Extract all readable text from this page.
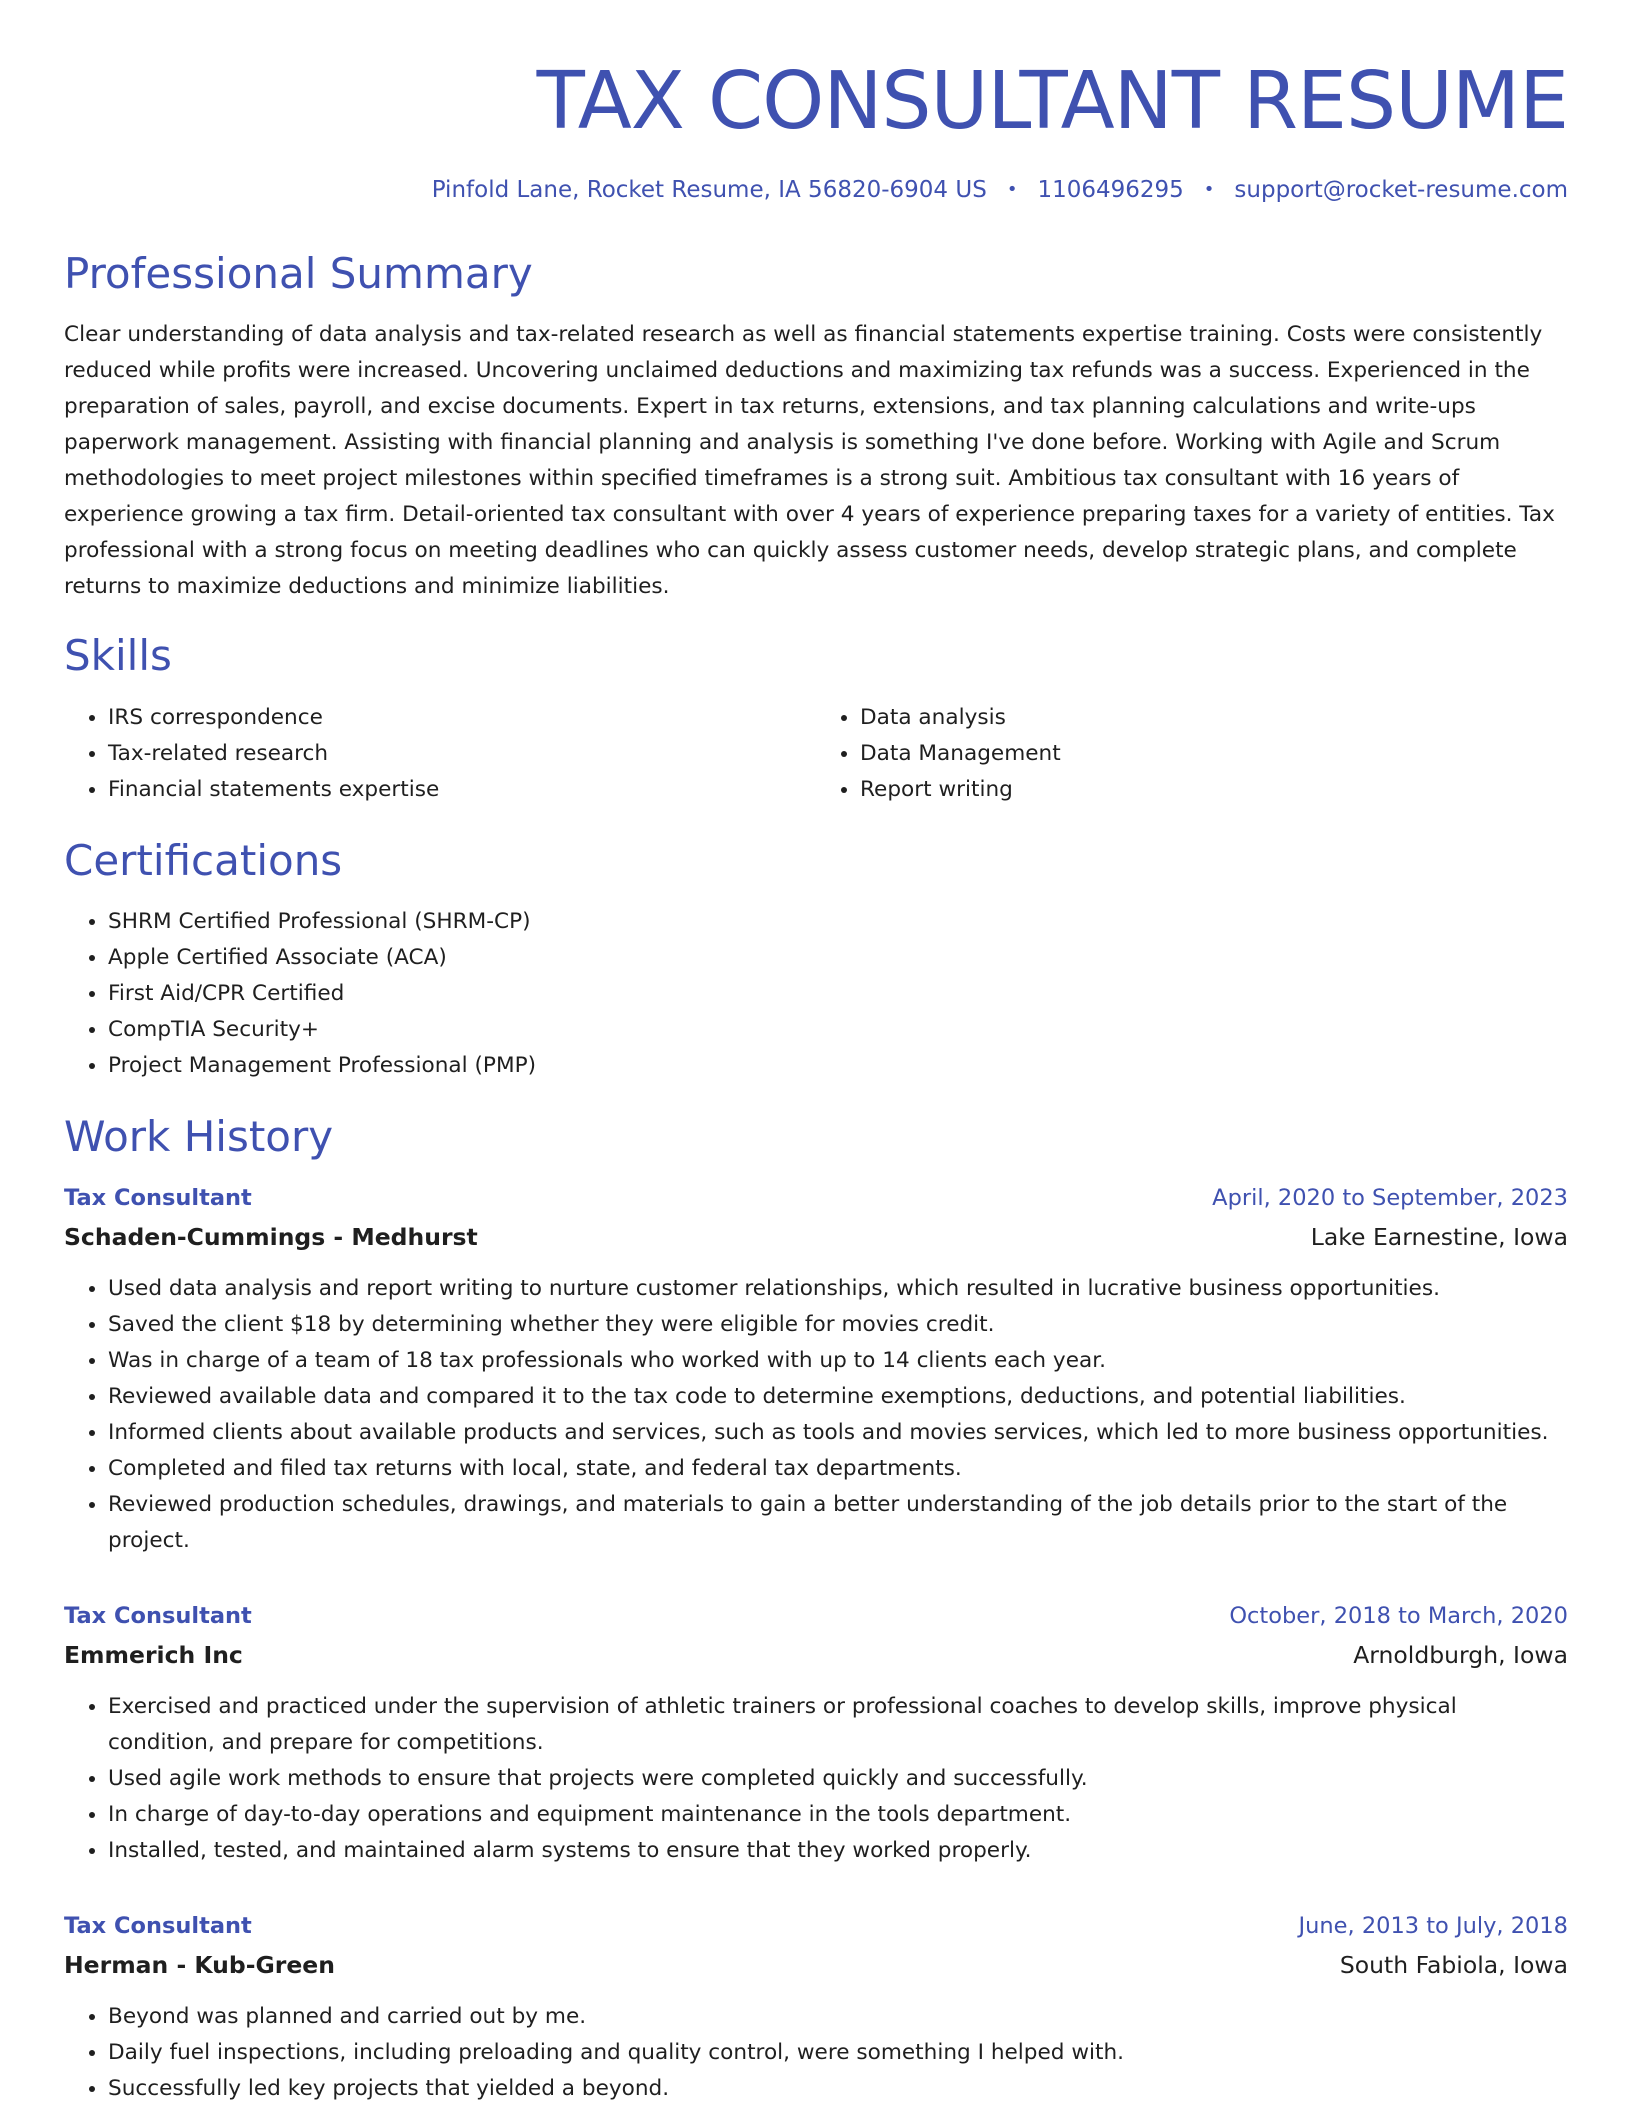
TAX CONSULTANT RESUME
Pinfold Lane, Rocket Resume, IA 56820-6904 US • 1106496295 • support@rocket-resume.com
Professional Summary

Clear understanding of data analysis and tax-related research as well as financial statements expertise training. Costs were consistently reduced while profits were increased. Uncovering unclaimed deductions and maximizing tax refunds was a success. Experienced in the preparation of sales, payroll, and excise documents. Expert in tax returns, extensions, and tax planning calculations and write-ups paperwork management. Assisting with financial planning and analysis is something I've done before. Working with Agile and Scrum methodologies to meet project milestones within specified timeframes is a strong suit. Ambitious tax consultant with 16 years of experience growing a tax firm. Detail-oriented tax consultant with over 4 years of experience preparing taxes for a variety of entities. Tax professional with a strong focus on meeting deadlines who can quickly assess customer needs, develop strategic plans, and complete returns to maximize deductions and minimize liabilities.

Skills
• IRS correspondence
• Tax-related research
• Financial statements expertise
• Data analysis
• Data Management
• Report writing
Certifications
• SHRM Certified Professional (SHRM-CP)
• Apple Certified Associate (ACA)
• First Aid/CPR Certified
• CompTIA Security+
• Project Management Professional (PMP)
Work History
Tax Consultant	April, 2020 to September, 2023
Schaden-Cummings - Medhurst	Lake Earnestine, Iowa
• Used data analysis and report writing to nurture customer relationships, which resulted in lucrative business opportunities.
• Saved the client $18 by determining whether they were eligible for movies credit.
• Was in charge of a team of 18 tax professionals who worked with up to 14 clients each year.
• Reviewed available data and compared it to the tax code to determine exemptions, deductions, and potential liabilities.
• Informed clients about available products and services, such as tools and movies services, which led to more business opportunities.
• Completed and filed tax returns with local, state, and federal tax departments.
• Reviewed production schedules, drawings, and materials to gain a better understanding of the job details prior to the start of the project.
Tax Consultant	October, 2018 to March, 2020
Emmerich Inc	Arnoldburgh, Iowa
• Exercised and practiced under the supervision of athletic trainers or professional coaches to develop skills, improve physical condition, and prepare for competitions.
• Used agile work methods to ensure that projects were completed quickly and successfully.
• In charge of day-to-day operations and equipment maintenance in the tools department.
• Installed, tested, and maintained alarm systems to ensure that they worked properly.
Tax Consultant	June, 2013 to July, 2018
Herman - Kub-Green	South Fabiola, Iowa
• Beyond was planned and carried out by me.
• Daily fuel inspections, including preloading and quality control, were something I helped with.
• Successfully led key projects that yielded a beyond.
